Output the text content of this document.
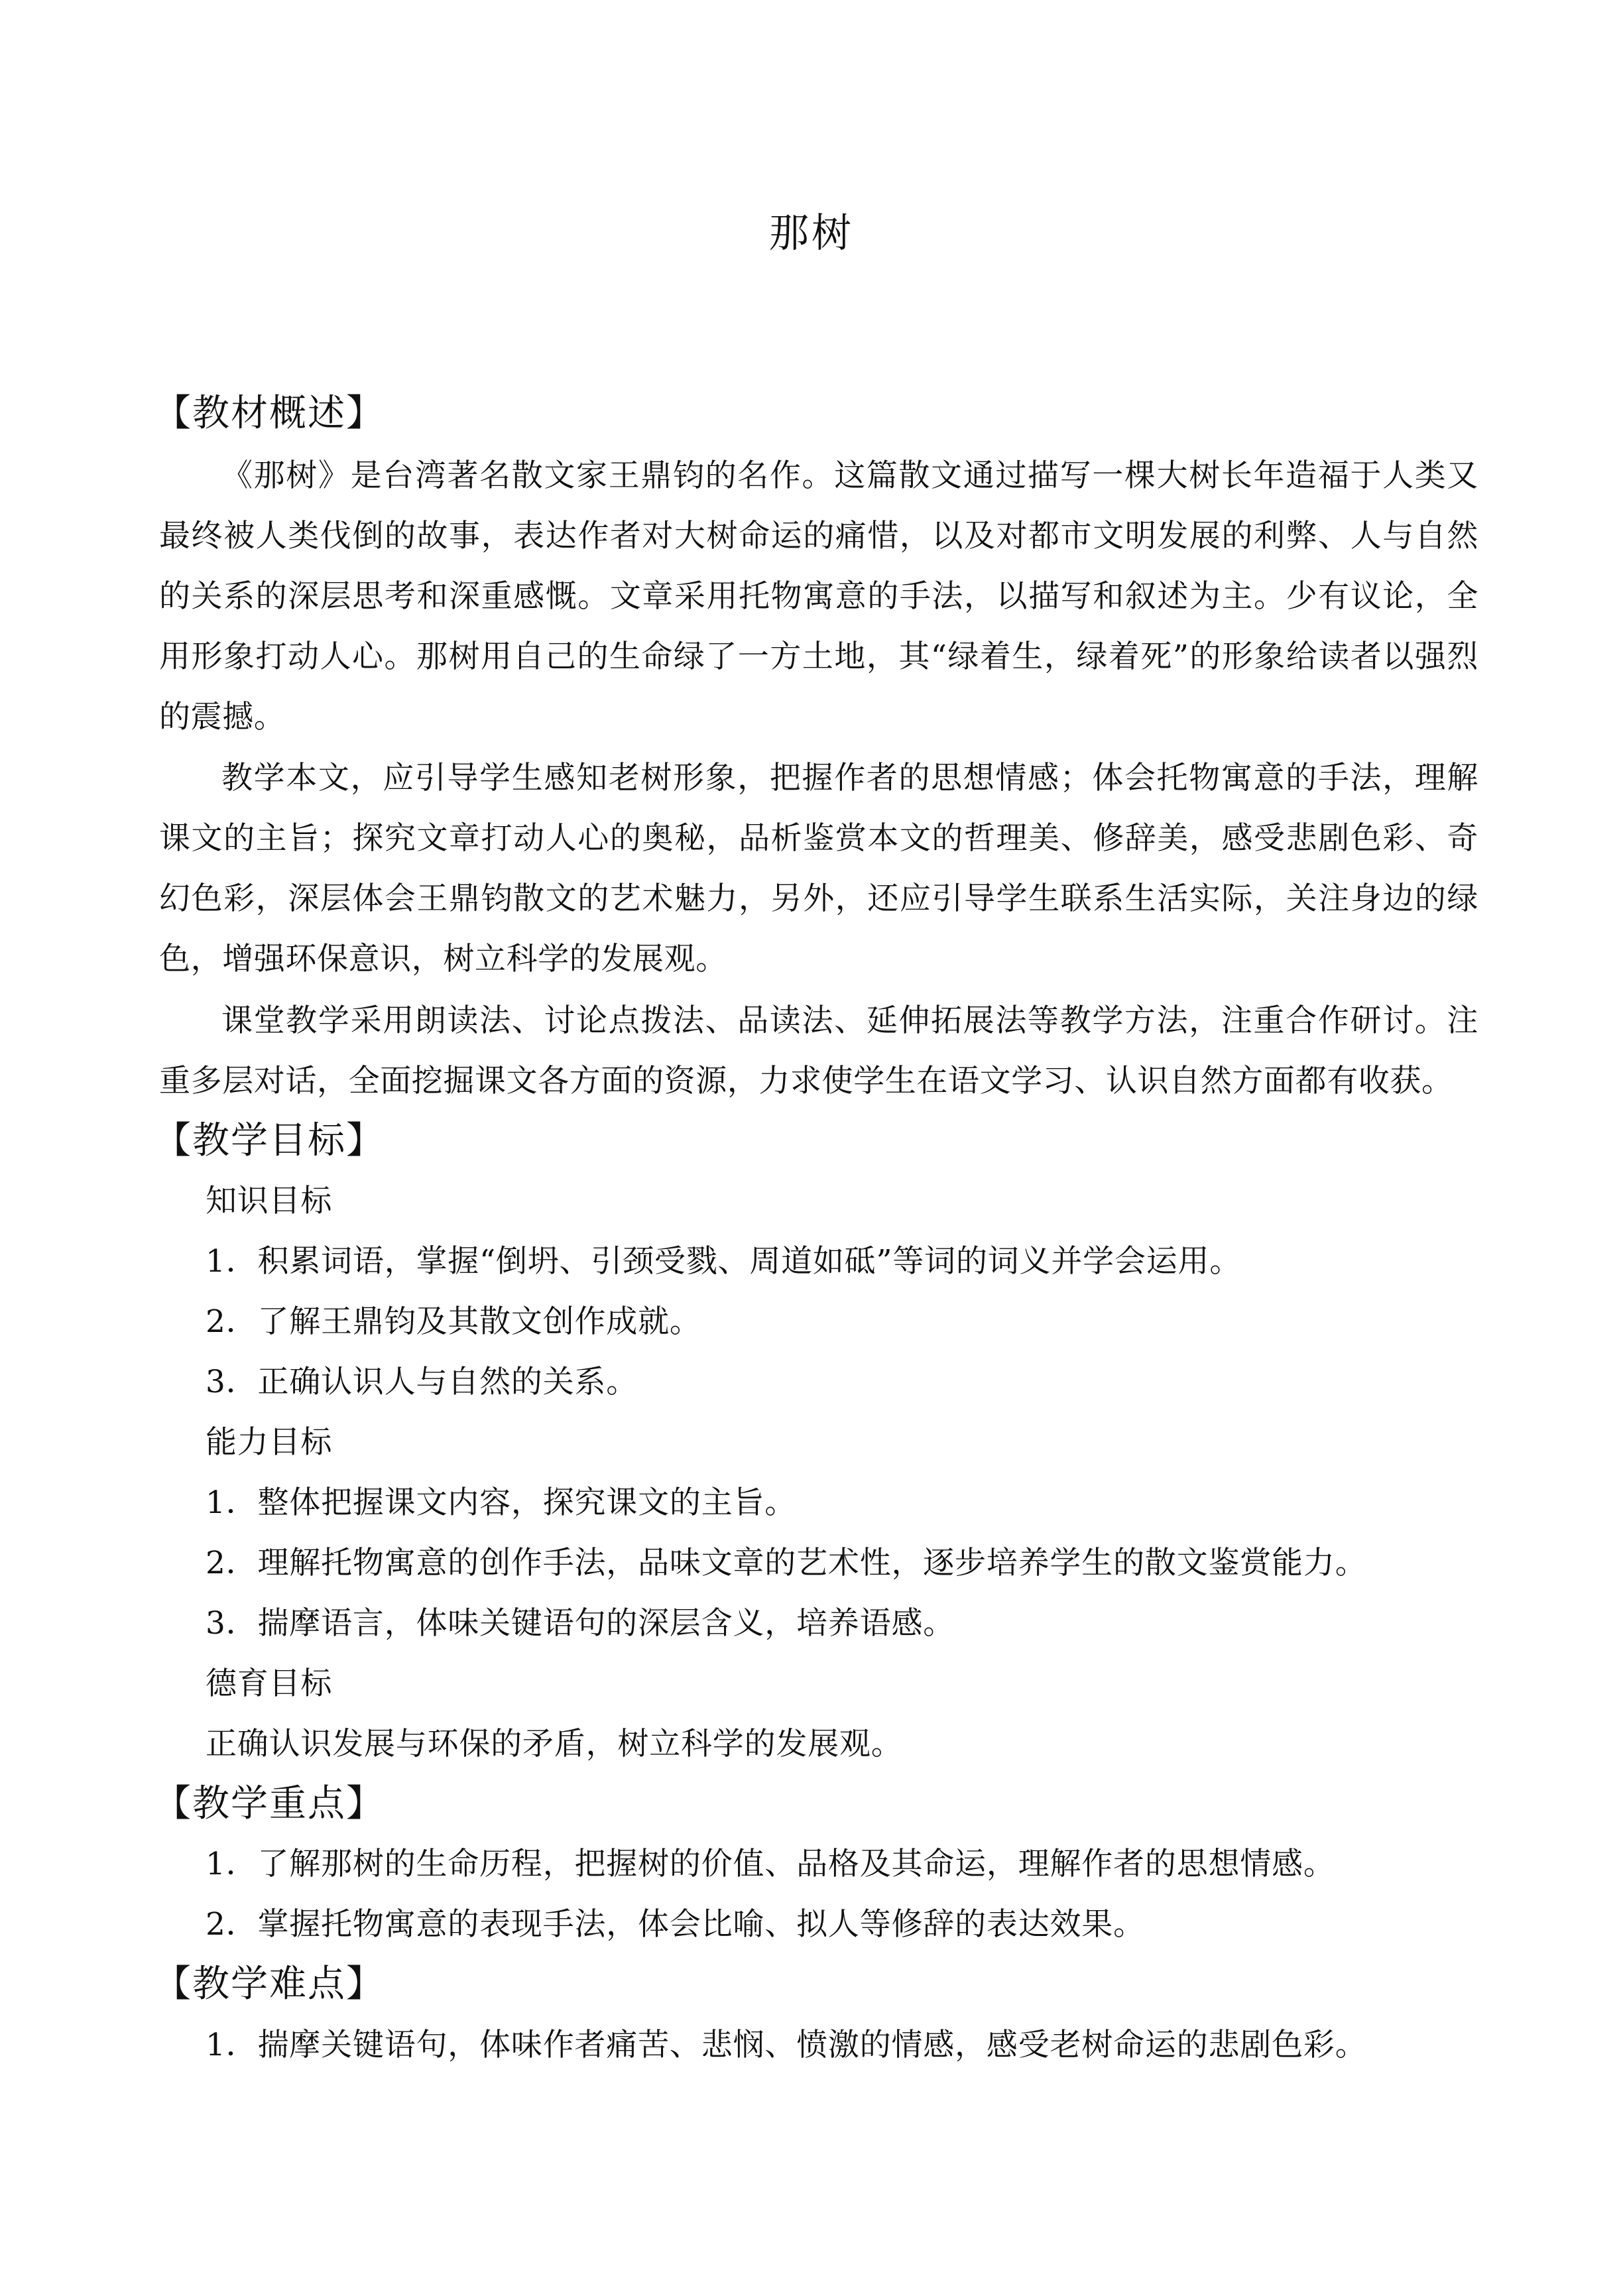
那树
【教材概述】
《那树》是台湾著名散文家王鼎钧的名作。这篇散文通过描写一棵大树长年造福于人类又最终被人类伐倒的故事，表达作者对大树命运的痛惜，以及对都市文明发展的利弊、人与自然的关系的深层思考和深重感慨。文章采用托物寓意的手法，以描写和叙述为主。少有议论，全用形象打动人心。那树用自己的生命绿了一方土地，其“绿着生，绿着死”的形象给读者以强烈的震撼。
教学本文，应引导学生感知老树形象，把握作者的思想情感；体会托物寓意的手法，理解课文的主旨；探究文章打动人心的奥秘，品析鉴赏本文的哲理美、修辞美，感受悲剧色彩、奇幻色彩，深层体会王鼎钧散文的艺术魅力，另外，还应引导学生联系生活实际，关注身边的绿色，增强环保意识，树立科学的发展观。
课堂教学采用朗读法、讨论点拨法、品读法、延伸拓展法等教学方法，注重合作研讨。注重多层对话，全面挖掘课文各方面的资源，力求使学生在语文学习、认识自然方面都有收获。
【教学目标】
知识目标
1．积累词语，掌握“倒坍、引颈受戮、周道如砥”等词的词义并学会运用。
2．了解王鼎钧及其散文创作成就。
3．正确认识人与自然的关系。
能力目标
1．整体把握课文内容，探究课文的主旨。
2．理解托物寓意的创作手法，品味文章的艺术性，逐步培养学生的散文鉴赏能力。
3．揣摩语言，体味关键语句的深层含义，培养语感。
德育目标
正确认识发展与环保的矛盾，树立科学的发展观。
【教学重点】
1．了解那树的生命历程，把握树的价值、品格及其命运，理解作者的思想情感。
2．掌握托物寓意的表现手法，体会比喻、拟人等修辞的表达效果。
【教学难点】
1．揣摩关键语句，体味作者痛苦、悲悯、愤激的情感，感受老树命运的悲剧色彩。
